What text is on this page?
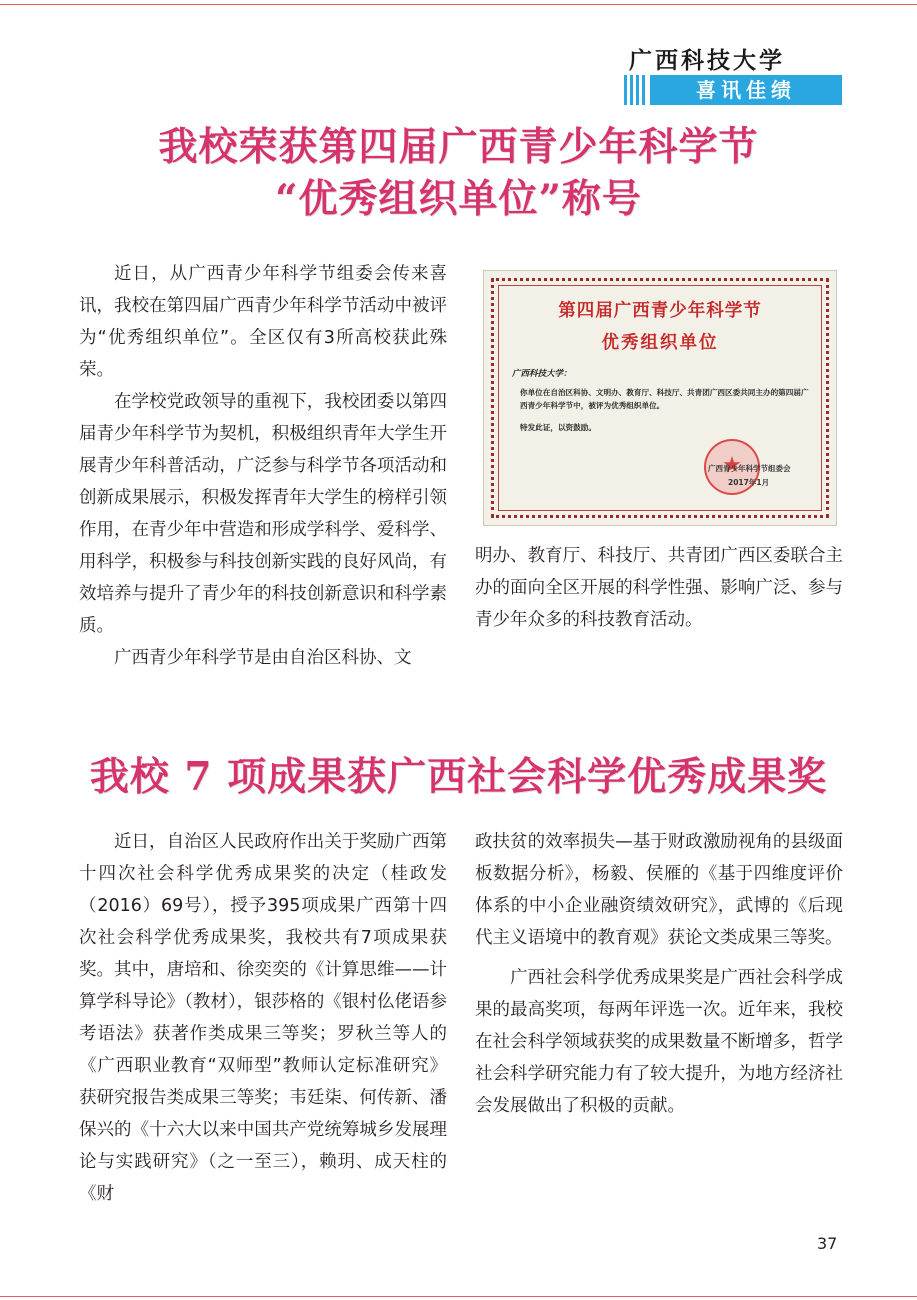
广西科技大学
喜讯佳绩
我校荣获第四届广西青少年科学节
“优秀组织单位”称号

近日，从广西青少年科学节组委会传来喜讯，我校在第四届广西青少年科学节活动中被评为“优秀组织单位”。全区仅有3所高校获此殊荣。

在学校党政领导的重视下，我校团委以第四届青少年科学节为契机，积极组织青年大学生开展青少年科普活动，广泛参与科学节各项活动和创新成果展示，积极发挥青年大学生的榜样引领作用，在青少年中营造和形成学科学、爱科学、用科学，积极参与科技创新实践的良好风尚，有效培养与提升了青少年的科技创新意识和科学素质。

广西青少年科学节是由自治区科协、文

第四届广西青少年科学节
优秀组织单位
广西科技大学：
你单位在自治区科协、文明办、教育厅、科技厅、共青团广西区委共同主办的第四届广西青少年科学节中，被评为优秀组织单位。
特发此证，以资鼓励。
★
广西青少年科学节组委会
2017年1月

明办、教育厅、科技厅、共青团广西区委联合主办的面向全区开展的科学性强、影响广泛、参与青少年众多的科技教育活动。

我校 7 项成果获广西社会科学优秀成果奖

近日，自治区人民政府作出关于奖励广西第十四次社会科学优秀成果奖的决定（桂政发（2016）69号），授予395项成果广西第十四次社会科学优秀成果奖，我校共有7项成果获奖。其中，唐培和、徐奕奕的《计算思维——计算学科导论》（教材），银莎格的《银村仫佬语参考语法》获著作类成果三等奖；罗秋兰等人的《广西职业教育“双师型”教师认定标准研究》获研究报告类成果三等奖；韦廷柒、何传新、潘保兴的《十六大以来中国共产党统筹城乡发展理论与实践研究》（之一至三），赖玥、成天柱的《财

政扶贫的效率损失—基于财政激励视角的县级面板数据分析》，杨毅、侯雁的《基于四维度评价体系的中小企业融资绩效研究》，武博的《后现代主义语境中的教育观》获论文类成果三等奖。

广西社会科学优秀成果奖是广西社会科学成果的最高奖项，每两年评选一次。近年来，我校在社会科学领域获奖的成果数量不断增多，哲学社会科学研究能力有了较大提升，为地方经济社会发展做出了积极的贡献。

37
